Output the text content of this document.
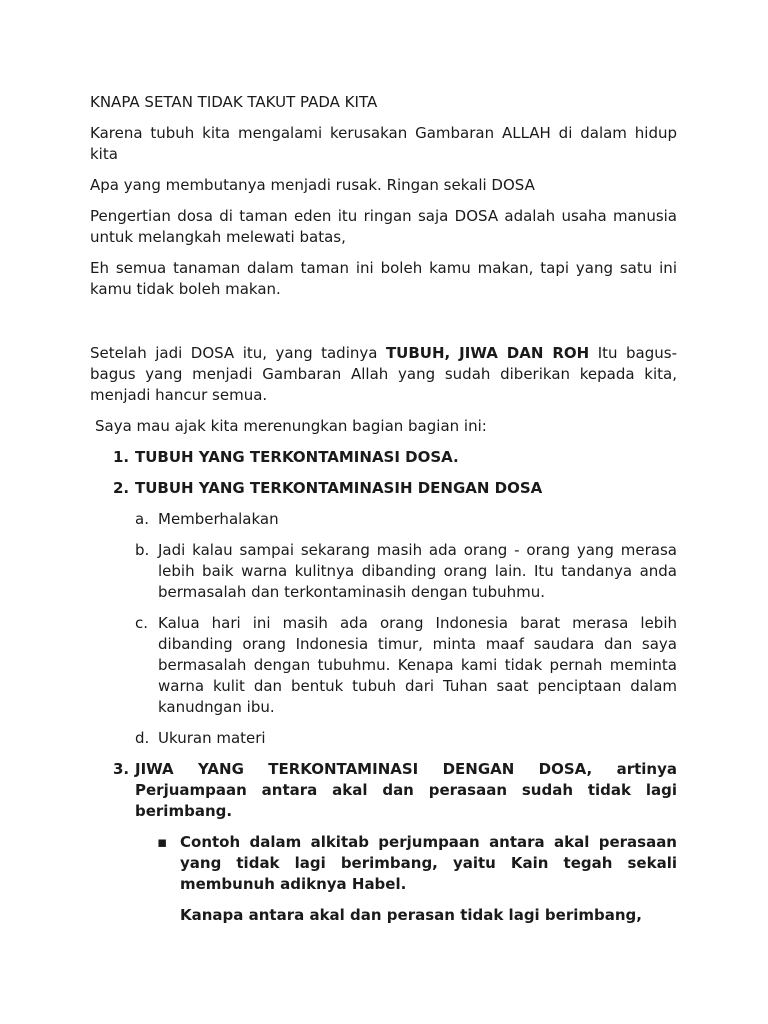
KNAPA SETAN TIDAK TAKUT PADA KITA

Karena tubuh kita mengalami kerusakan Gambaran ALLAH di dalam hidup kita

Apa yang membutanya menjadi rusak. Ringan sekali DOSA

Pengertian dosa di taman eden itu ringan saja DOSA adalah usaha manusia untuk melangkah melewati batas,

Eh semua tanaman dalam taman ini boleh kamu makan, tapi yang satu ini kamu tidak boleh makan.

Setelah jadi DOSA itu, yang tadinya TUBUH, JIWA DAN ROH Itu bagus-bagus yang menjadi Gambaran Allah yang sudah diberikan kepada kita, menjadi hancur semua.

Saya mau ajak kita merenungkan bagian bagian ini:

1. TUBUH YANG TERKONTAMINASI DOSA.
2. TUBUH YANG TERKONTAMINASIH DENGAN DOSA
a. Memberhalakan
b. Jadi kalau sampai sekarang masih ada orang - orang yang merasa lebih baik warna kulitnya dibanding orang lain. Itu tandanya anda bermasalah dan terkontaminasih dengan tubuhmu.
c. Kalua hari ini masih ada orang Indonesia barat merasa lebih dibanding orang Indonesia timur, minta maaf saudara dan saya bermasalah dengan tubuhmu. Kenapa kami tidak pernah meminta warna kulit dan bentuk tubuh dari Tuhan saat penciptaan dalam kanudngan ibu.
d. Ukuran materi
3. JIWA YANG TERKONTAMINASI DENGAN DOSA, artinya Perjuampaan antara akal dan perasaan sudah tidak lagi berimbang.
▪ Contoh dalam alkitab perjumpaan antara akal perasaan yang tidak lagi berimbang, yaitu Kain tegah sekali membunuh adiknya Habel.

Kanapa antara akal dan perasan tidak lagi berimbang,
